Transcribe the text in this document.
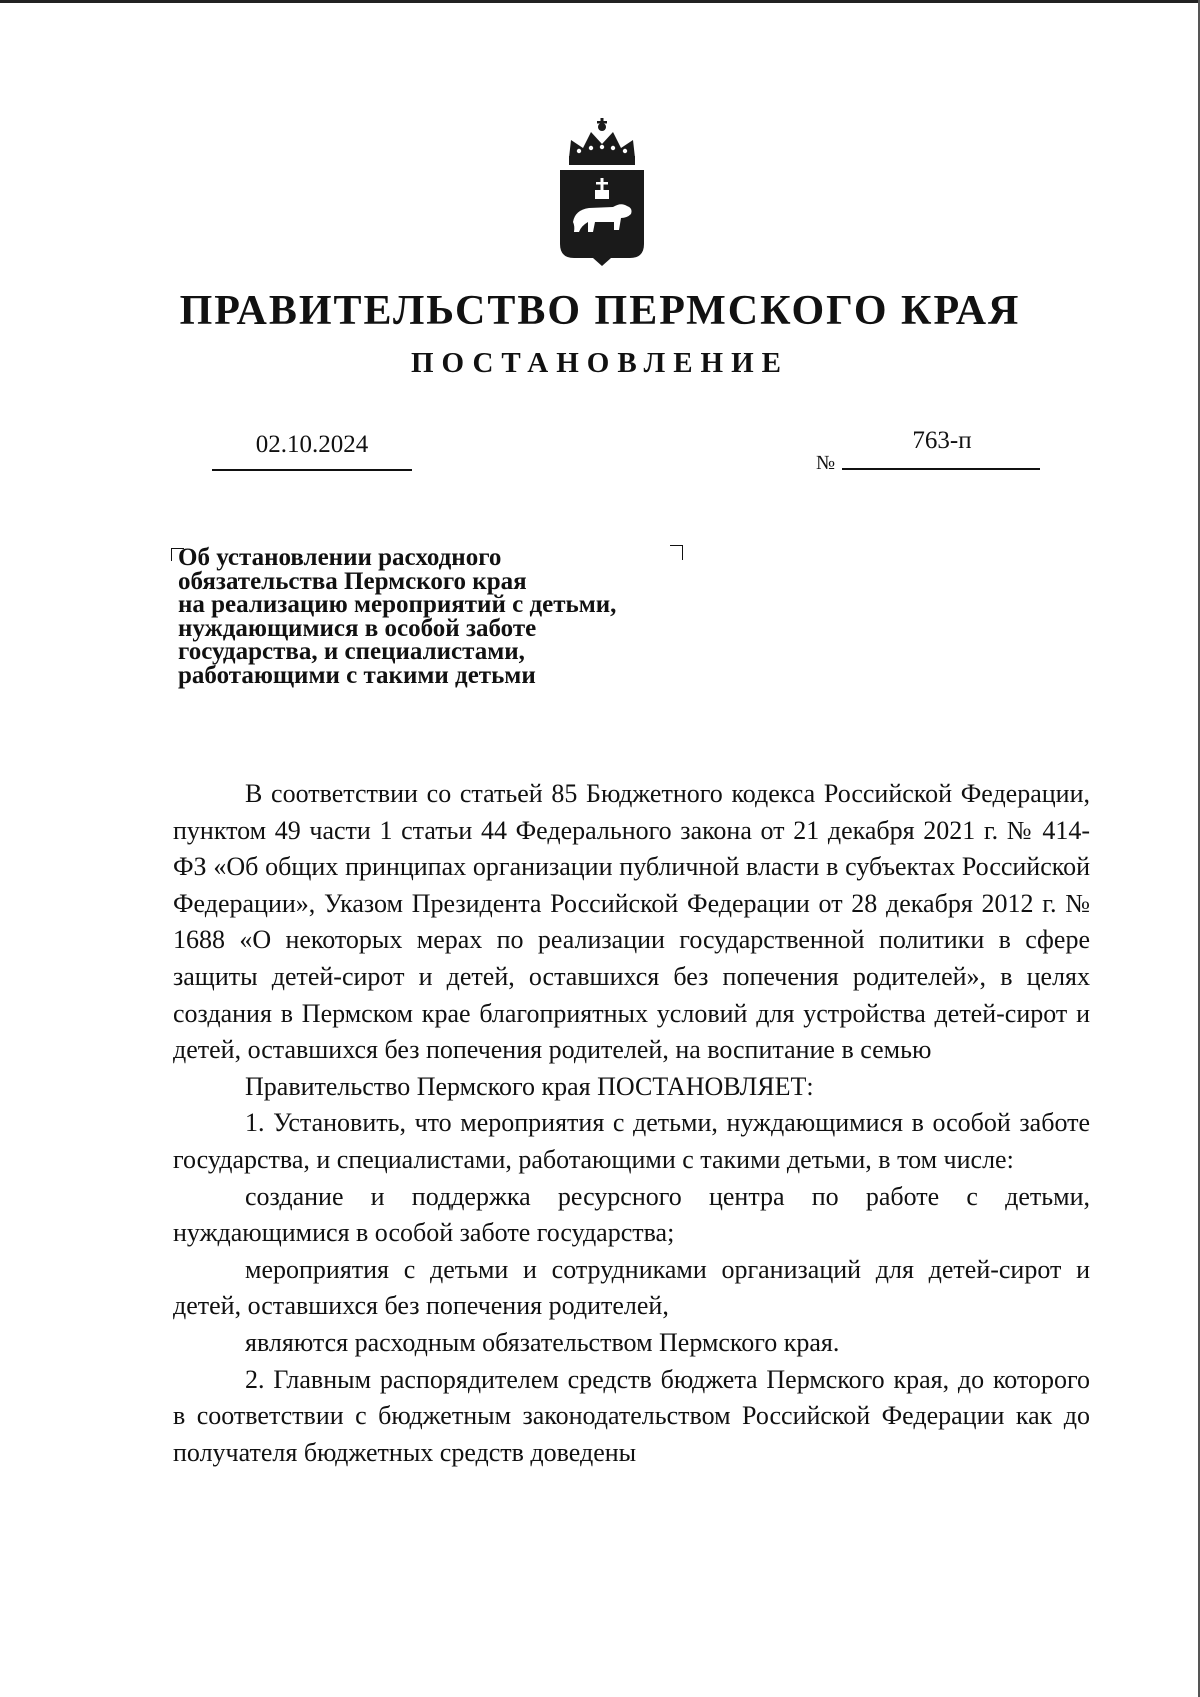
ПРАВИТЕЛЬСТВО ПЕРМСКОГО КРАЯ
ПОСТАНОВЛЕНИЕ
02.10.2024
№
763-п
Об установлении расходного
обязательства Пермского края
на реализацию мероприятий с детьми,
нуждающимися в особой заботе
государства, и специалистами,
работающими с такими детьми

В соответствии со статьей 85 Бюджетного кодекса Российской Федерации, пунктом 49 части 1 статьи 44 Федерального закона от 21 декабря 2021 г. № 414-ФЗ «Об общих принципах организации публичной власти в субъектах Российской Федерации», Указом Президента Российской Федерации от 28 декабря 2012 г. № 1688 «О некоторых мерах по реализации государственной политики в сфере защиты детей-сирот и детей, оставшихся без попечения родителей», в целях создания в Пермском крае благоприятных условий для устройства детей-сирот и детей, оставшихся без попечения родителей, на воспитание в семью

Правительство Пермского края ПОСТАНОВЛЯЕТ:

1. Установить, что мероприятия с детьми, нуждающимися в особой заботе государства, и специалистами, работающими с такими детьми, в том числе:

создание и поддержка ресурсного центра по работе с детьми, нуждающимися в особой заботе государства;

мероприятия с детьми и сотрудниками организаций для детей-сирот и детей, оставшихся без попечения родителей,

являются расходным обязательством Пермского края.

2. Главным распорядителем средств бюджета Пермского края, до которого в соответствии с бюджетным законодательством Российской Федерации как до получателя бюджетных средств доведены
